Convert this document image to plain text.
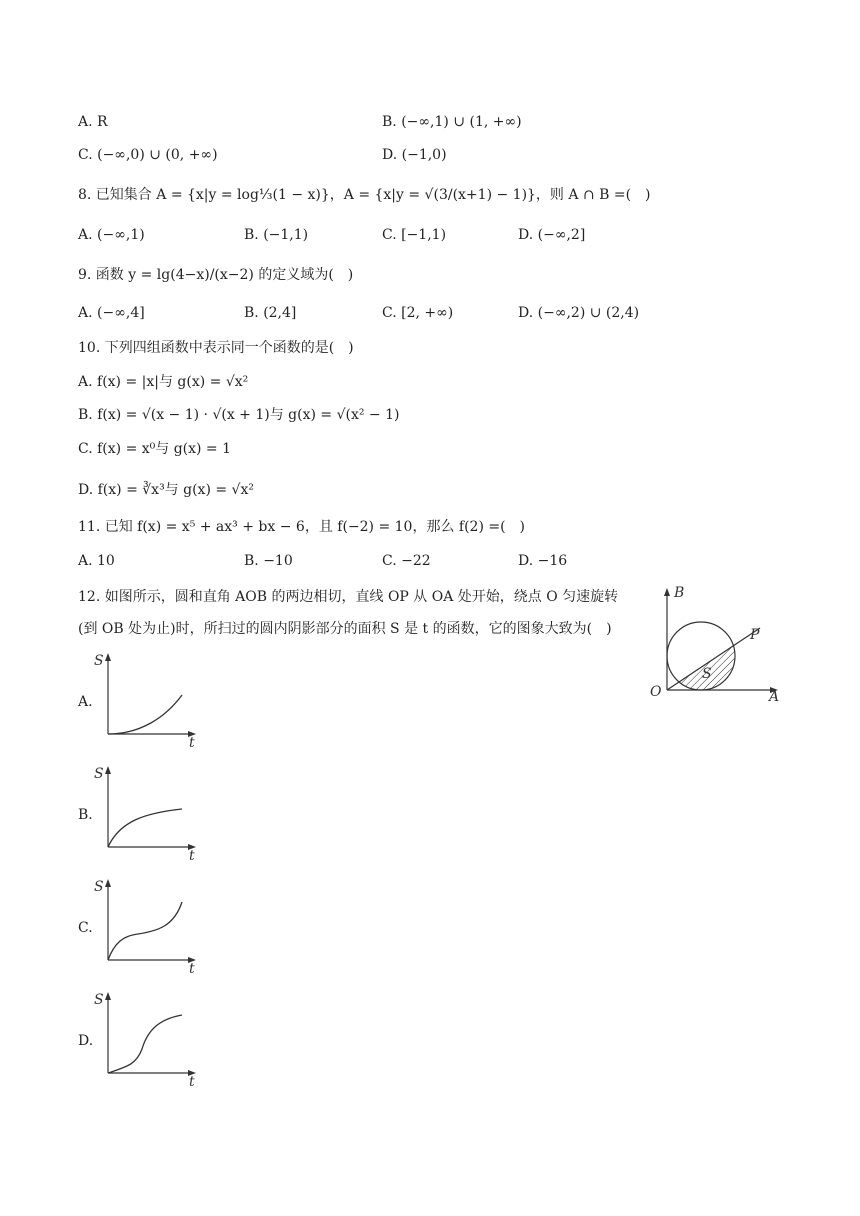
A. R	B. (−∞,1) ∪ (1, +∞)
C. (−∞,0) ∪ (0, +∞)	D. (−1,0)
8. 已知集合 A = {x|y = log⅓(1 − x)}，A = {x|y = √(3/(x+1) − 1)}，则 A ∩ B =(　)
A. (−∞,1)	B. (−1,1)	C. [−1,1)	D. (−∞,2]
9. 函数 y = lg(4−x)/(x−2) 的定义域为(　)
A. (−∞,4]	B. (2,4]	C. [2, +∞)	D. (−∞,2) ∪ (2,4)
10. 下列四组函数中表示同一个函数的是(　)
A. f(x) = |x|与 g(x) = √x²
B. f(x) = √(x − 1) · √(x + 1)与 g(x) = √(x² − 1)
C. f(x) = x⁰与 g(x) = 1
D. f(x) = ∛x³与 g(x) = √x²
11. 已知 f(x) = x⁵ + ax³ + bx − 6，且 f(−2) = 10，那么 f(2) =(　)
A. 10	B. −10	C. −22	D. −16
12. 如图所示，圆和直角 AOB 的两边相切，直线 OP 从 OA 处开始，绕点 O 匀速旋转
(到 OB 处为止)时，所扫过的圆内阴影部分的面积 S 是 t 的函数，它的图象大致为(　)
B
P
O	A
S
A.
S
t
B.
S
t
C.
S
t
D.
S
t
